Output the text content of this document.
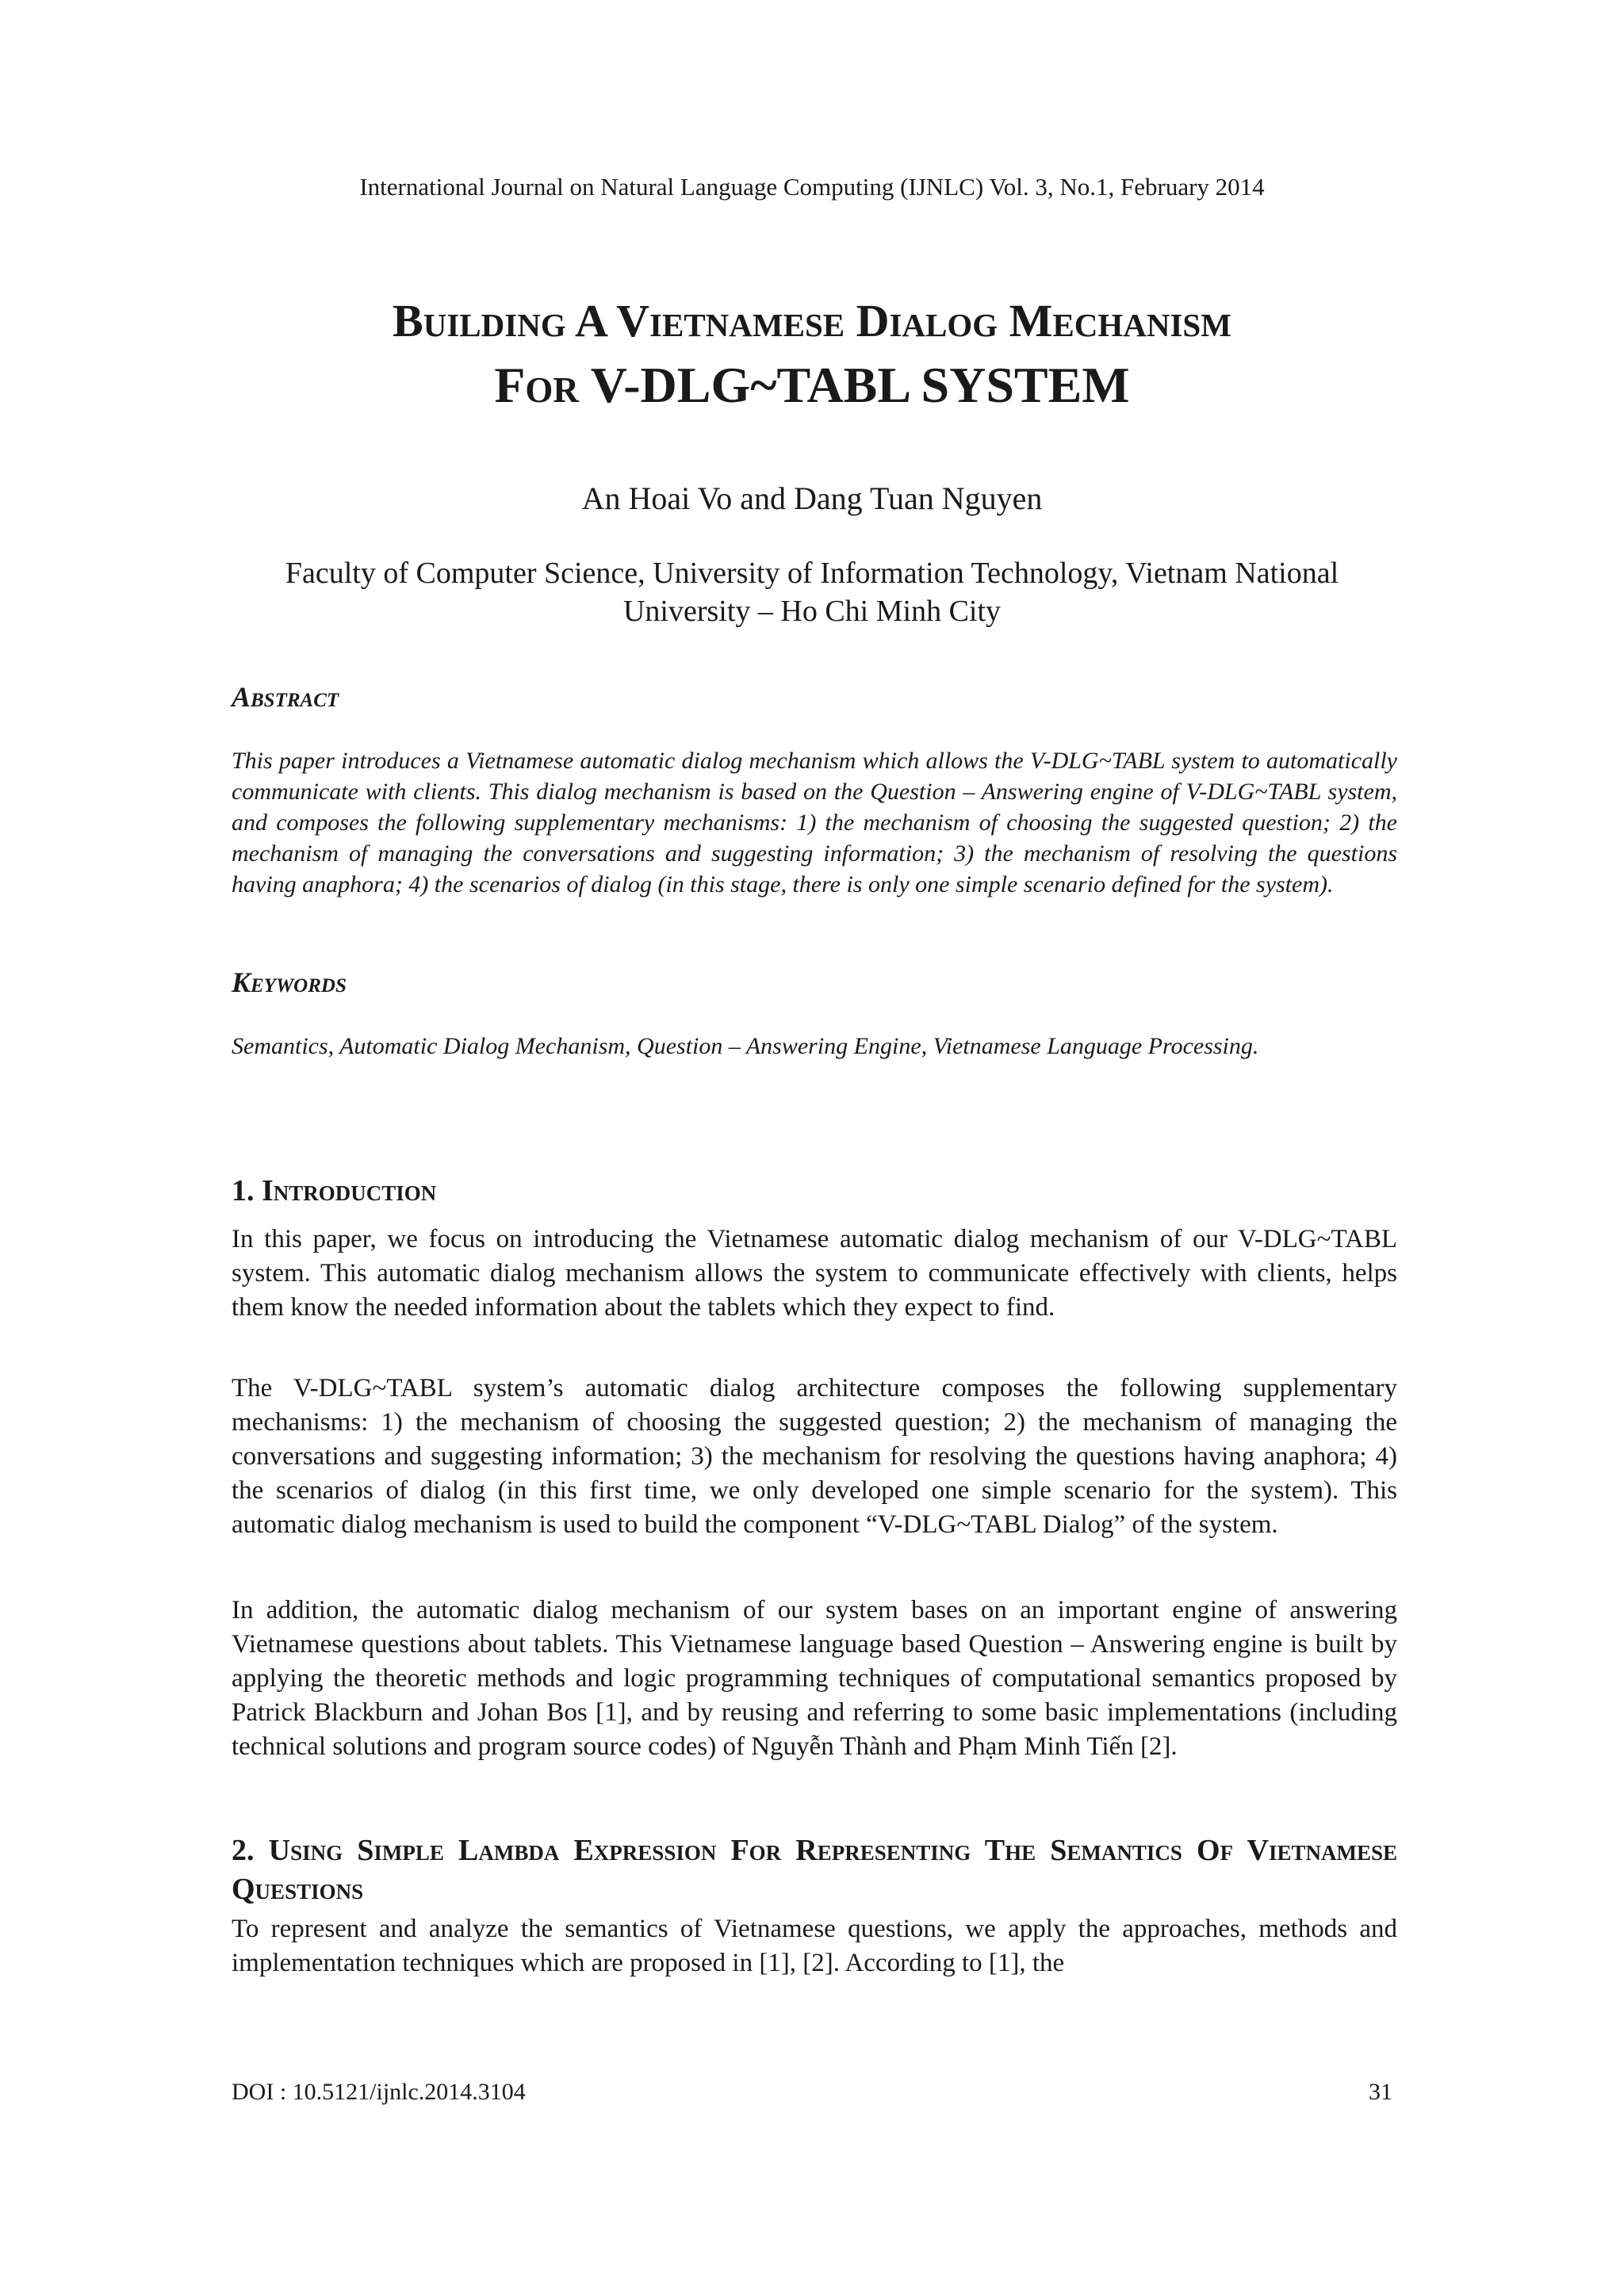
International Journal on Natural Language Computing (IJNLC) Vol. 3, No.1, February 2014
Building A Vietnamese Dialog Mechanism
For V-DLG~TABL SYSTEM
An Hoai Vo and Dang Tuan Nguyen
Faculty of Computer Science, University of Information Technology, Vietnam National University – Ho Chi Minh City
Abstract
This paper introduces a Vietnamese automatic dialog mechanism which allows the V-DLG~TABL system to automatically communicate with clients. This dialog mechanism is based on the Question – Answering engine of V-DLG~TABL system, and composes the following supplementary mechanisms: 1) the mechanism of choosing the suggested question; 2) the mechanism of managing the conversations and suggesting information; 3) the mechanism of resolving the questions having anaphora; 4) the scenarios of dialog (in this stage, there is only one simple scenario defined for the system).
Keywords
Semantics, Automatic Dialog Mechanism, Question – Answering Engine, Vietnamese Language Processing.
1. Introduction
In this paper, we focus on introducing the Vietnamese automatic dialog mechanism of our V-DLG~TABL system. This automatic dialog mechanism allows the system to communicate effectively with clients, helps them know the needed information about the tablets which they expect to find.
The V-DLG~TABL system’s automatic dialog architecture composes the following supplementary mechanisms: 1) the mechanism of choosing the suggested question; 2) the mechanism of managing the conversations and suggesting information; 3) the mechanism for resolving the questions having anaphora; 4) the scenarios of dialog (in this first time, we only developed one simple scenario for the system). This automatic dialog mechanism is used to build the component “V-DLG~TABL Dialog” of the system.
In addition, the automatic dialog mechanism of our system bases on an important engine of answering Vietnamese questions about tablets. This Vietnamese language based Question – Answering engine is built by applying the theoretic methods and logic programming techniques of computational semantics proposed by Patrick Blackburn and Johan Bos [1], and by reusing and referring to some basic implementations (including technical solutions and program source codes) of Nguyễn Thành and Phạm Minh Tiến [2].
2. Using Simple Lambda Expression For Representing The Semantics Of Vietnamese Questions
To represent and analyze the semantics of Vietnamese questions, we apply the approaches, methods and implementation techniques which are proposed in [1], [2]. According to [1], the
DOI : 10.5121/ijnlc.2014.3104	31
